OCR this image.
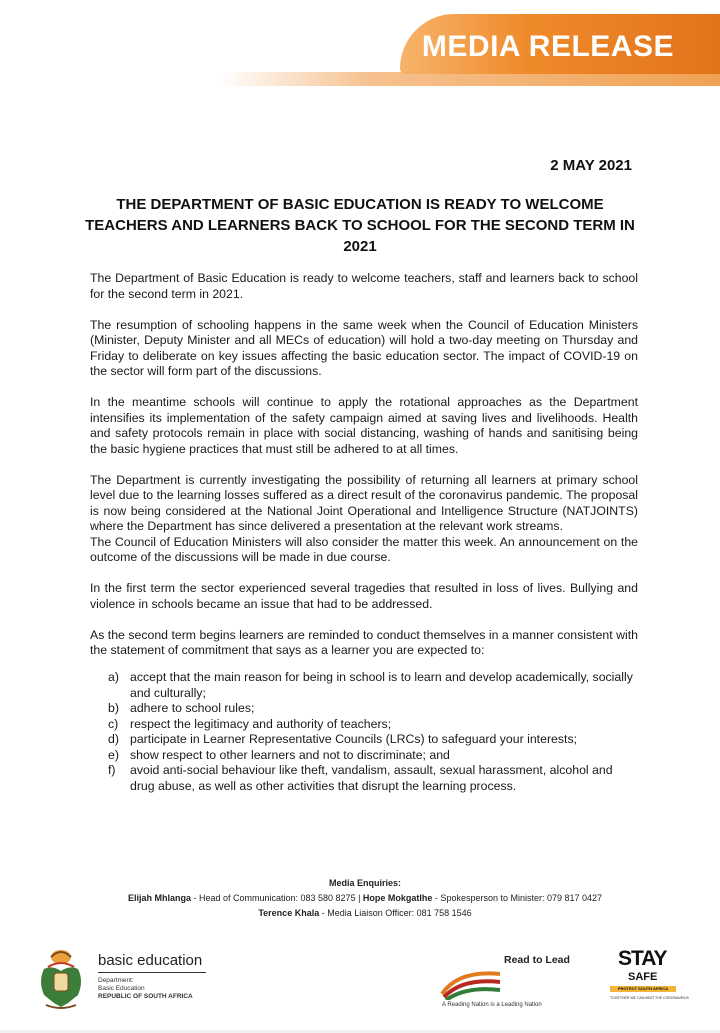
MEDIA RELEASE
2 MAY 2021
THE DEPARTMENT OF BASIC EDUCATION IS READY TO WELCOME TEACHERS AND LEARNERS BACK TO SCHOOL FOR THE SECOND TERM IN 2021

The Department of Basic Education is ready to welcome teachers, staff and learners back to school for the second term in 2021.

The resumption of schooling happens in the same week when the Council of Education Ministers (Minister, Deputy Minister and all MECs of education) will hold a two-day meeting on Thursday and Friday to deliberate on key issues affecting the basic education sector. The impact of COVID-19 on the sector will form part of the discussions.

In the meantime schools will continue to apply the rotational approaches as the Department intensifies its implementation of the safety campaign aimed at saving lives and livelihoods. Health and safety protocols remain in place with social distancing, washing of hands and sanitising being the basic hygiene practices that must still be adhered to at all times.

The Department is currently investigating the possibility of returning all learners at primary school level due to the learning losses suffered as a direct result of the coronavirus pandemic. The proposal is now being considered at the National Joint Operational and Intelligence Structure (NATJOINTS) where the Department has since delivered a presentation at the relevant work streams.

The Council of Education Ministers will also consider the matter this week. An announcement on the outcome of the discussions will be made in due course.

In the first term the sector experienced several tragedies that resulted in loss of lives. Bullying and violence in schools became an issue that had to be addressed.

As the second term begins learners are reminded to conduct themselves in a manner consistent with the statement of commitment that says as a learner you are expected to:

a) accept that the main reason for being in school is to learn and develop academically, socially and culturally;
b) adhere to school rules;
c) respect the legitimacy and authority of teachers;
d) participate in Learner Representative Councils (LRCs) to safeguard your interests;
e) show respect to other learners and not to discriminate; and
f)	avoid anti-social behaviour like theft, vandalism, assault, sexual harassment, alcohol and drug abuse, as well as other activities that disrupt the learning process.
Media Enquiries:
Elijah Mhlanga - Head of Communication: 083 580 8275 | Hope Mokgatlhe - Spokesperson to Minister: 079 817 0427
Terence Khala - Media Liaison Officer: 081 758 1546
basic education
Department:
Basic Education
REPUBLIC OF SOUTH AFRICA
Read to Lead
A Reading Nation is a Leading Nation
STAY
SAFE
PROTECT SOUTH AFRICA
TOGETHER WE CAN BEAT THE CORONAVIRUS
